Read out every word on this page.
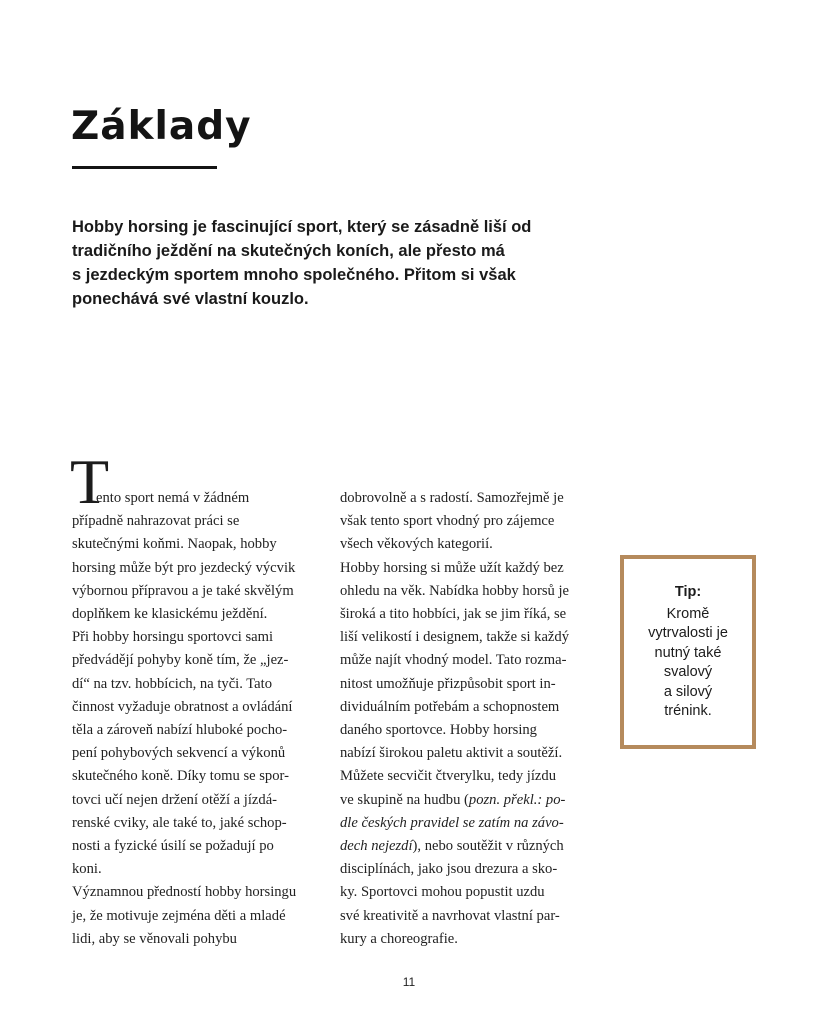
Základy

Hobby horsing je fascinující sport, který se zásadně liší od
tradičního ježdění na skutečných koních, ale přesto má
s jezdeckým sportem mnoho společného. Přitom si však
ponechává své vlastní kouzlo.

T
ento sport nemá v žádném
případně nahrazovat práci se
skutečnými koňmi. Naopak, hobby
horsing může být pro jezdecký výcvik
výbornou přípravou a je také skvělým
doplňkem ke klasickému ježdění.
Při hobby horsingu sportovci sami
předvádějí pohyby koně tím, že „jez-
dí“ na tzv. hobbícich, na tyči. Tato
činnost vyžaduje obratnost a ovládání
těla a zároveň nabízí hluboké pocho-
pení pohybových sekvencí a výkonů
skutečného koně. Díky tomu se spor-
tovci učí nejen držení otěží a jízdá-
renské cviky, ale také to, jaké schop-
nosti a fyzické úsilí se požadují po
koni.
Významnou předností hobby horsingu
je, že motivuje zejména děti a mladé
lidi, aby se věnovali pohybu
dobrovolně a s radostí. Samozřejmě je
však tento sport vhodný pro zájemce
všech věkových kategorií.
Hobby horsing si může užít každý bez
ohledu na věk. Nabídka hobby horsů je
široká a tito hobbíci, jak se jim říká, se
liší velikostí i designem, takže si každý
může najít vhodný model. Tato rozma-
nitost umožňuje přizpůsobit sport in-
dividuálním potřebám a schopnostem
daného sportovce. Hobby horsing
nabízí širokou paletu aktivit a soutěží.
Můžete secvičit čtverylku, tedy jízdu
ve skupině na hudbu (pozn. překl.: po-
dle českých pravidel se zatím na závo-
dech nejezdí), nebo soutěžit v různých
disciplínách, jako jsou drezura a sko-
ky. Sportovci mohou popustit uzdu
své kreativitě a navrhovat vlastní par-
kury a choreografie.
Tip:
Kromě
vytrvalosti je
nutný také
svalový
a silový
trénink.
11
